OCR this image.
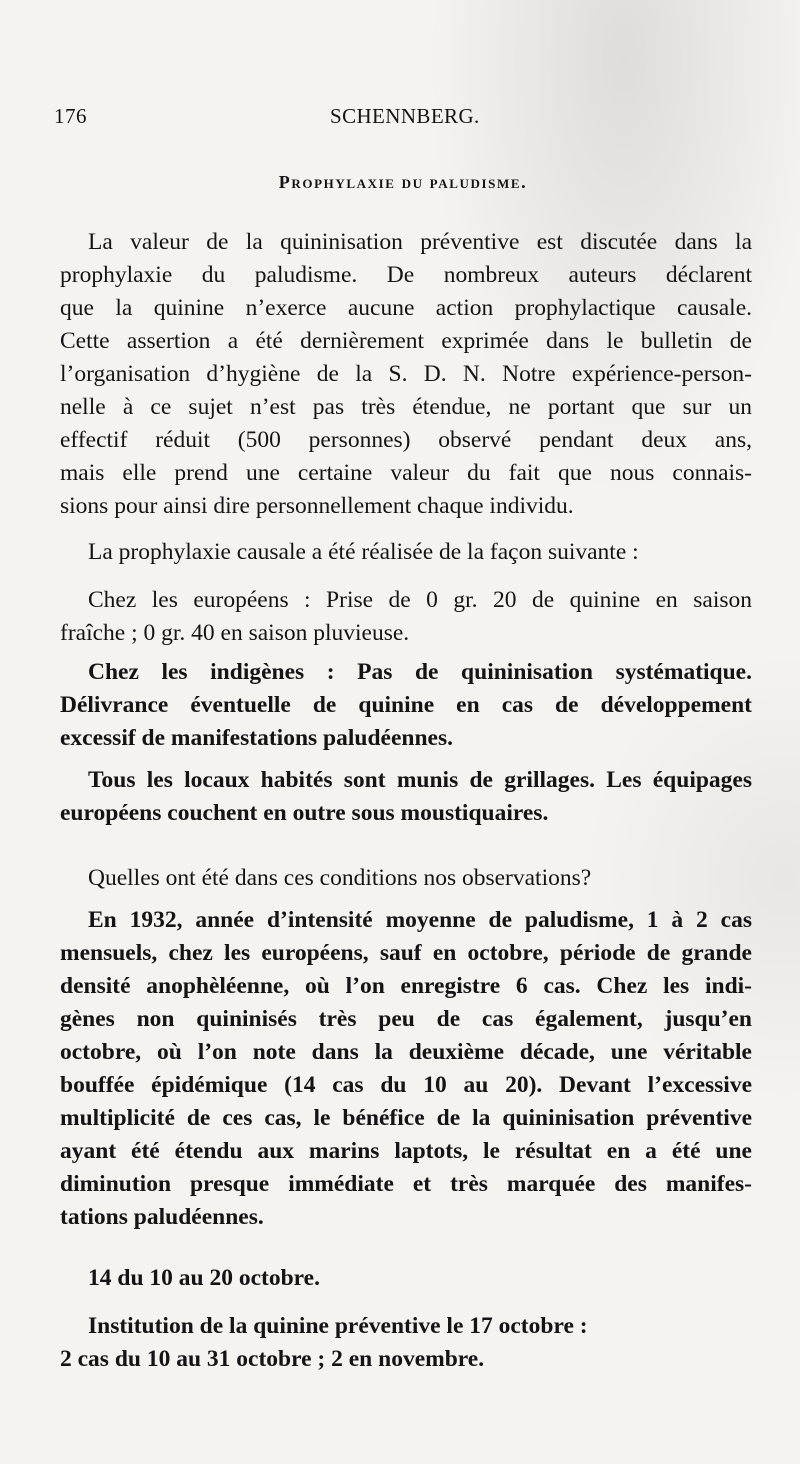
176	SCHENNBERG.
Prophylaxie du paludisme.
La valeur de la quininisation préventive est discutée dans la
prophylaxie du paludisme. De nombreux auteurs déclarent
que la quinine n’exerce aucune action prophylactique causale.
Cette assertion a été dernièrement exprimée dans le bulletin de
l’organisation d’hygiène de la S. D. N. Notre expérience-person-
nelle à ce sujet n’est pas très étendue, ne portant que sur un
effectif réduit (500 personnes) observé pendant deux ans,
mais elle prend une certaine valeur du fait que nous connais-
sions pour ainsi dire personnellement chaque individu.
La prophylaxie causale a été réalisée de la façon suivante :
Chez les européens : Prise de 0 gr. 20 de quinine en saison
fraîche ; 0 gr. 40 en saison pluvieuse.
Chez les indigènes : Pas de quininisation systématique.
Délivrance éventuelle de quinine en cas de développement
excessif de manifestations paludéennes.
Tous les locaux habités sont munis de grillages. Les équipages
européens couchent en outre sous moustiquaires.
Quelles ont été dans ces conditions nos observations?
En 1932, année d’intensité moyenne de paludisme, 1 à 2 cas
mensuels, chez les européens, sauf en octobre, période de grande
densité anophèléenne, où l’on enregistre 6 cas. Chez les indi-
gènes non quininisés très peu de cas également, jusqu’en
octobre, où l’on note dans la deuxième décade, une véritable
bouffée épidémique (14 cas du 10 au 20). Devant l’excessive
multiplicité de ces cas, le bénéfice de la quininisation préventive
ayant été étendu aux marins laptots, le résultat en a été une
diminution presque immédiate et très marquée des manifes-
tations paludéennes.
14 du 10 au 20 octobre.
Institution de la quinine préventive le 17 octobre :
2 cas du 10 au 31 octobre ; 2 en novembre.
